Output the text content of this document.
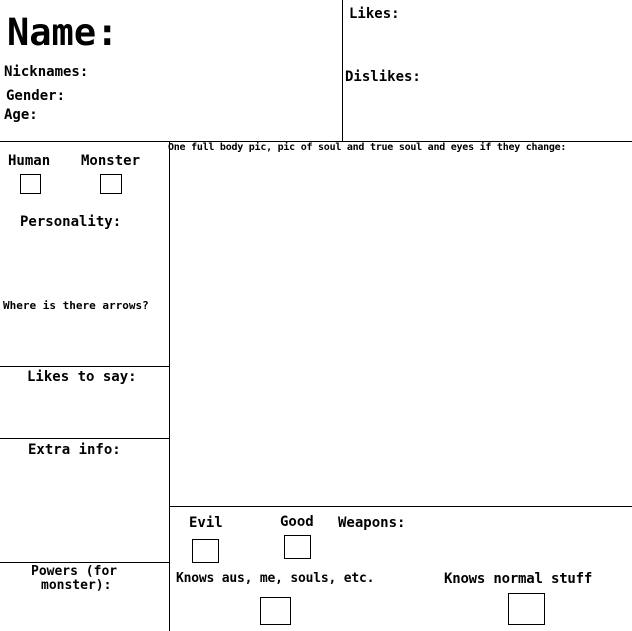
Name:
Nicknames:
Gender:
Age:
Likes:
Dislikes:
Human Monster
Personality:
Where is there arrows?
Likes to say:
Extra info:
Powers (for
monster):
One full body pic, pic of soul and true soul and eyes if they change:
Evil	Good Weapons:
Knows aus, me, souls, etc.	Knows normal stuff
